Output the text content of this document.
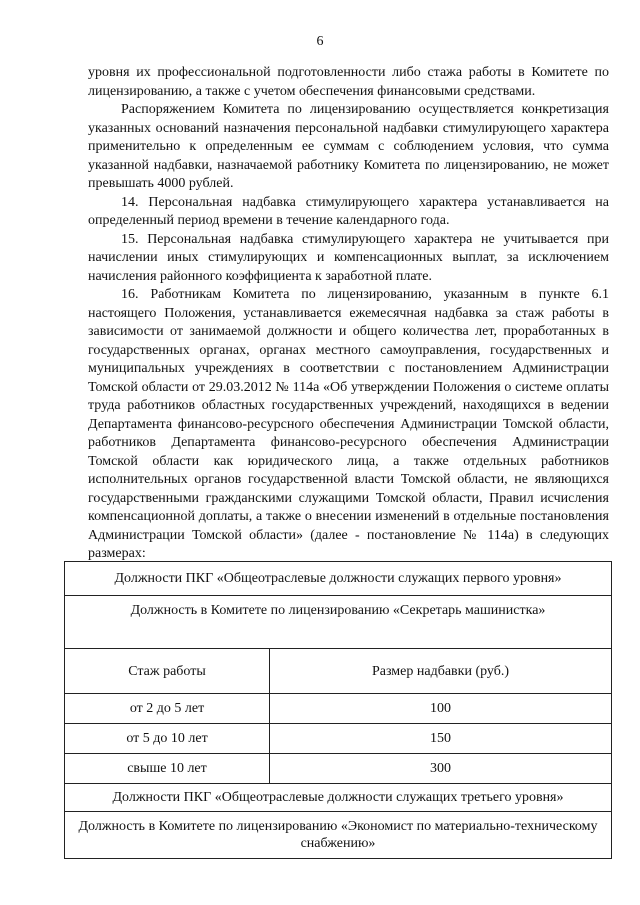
6

уровня их профессиональной подготовленности либо стажа работы в Комитете по лицензированию, а также с учетом обеспечения финансовыми средствами.

Распоряжением Комитета по лицензированию осуществляется конкретизация указанных оснований назначения персональной надбавки стимулирующего характера применительно к определенным ее суммам с соблюдением условия, что сумма указанной надбавки, назначаемой работнику Комитета по лицензированию, не может превышать 4000 рублей.

14. Персональная надбавка стимулирующего характера устанавливается на определенный период времени в течение календарного года.

15. Персональная надбавка стимулирующего характера не учитывается при начислении иных стимулирующих и компенсационных выплат, за исключением начисления районного коэффициента к заработной плате.

16. Работникам Комитета по лицензированию, указанным в пункте 6.1 настоящего Положения, устанавливается ежемесячная надбавка за стаж работы в зависимости от занимаемой должности и общего количества лет, проработанных в государственных органах, органах местного самоуправления, государственных и муниципальных учреждениях в соответствии с постановлением Администрации Томской области от 29.03.2012 № 114а «Об утверждении Положения о системе оплаты труда работников областных государственных учреждений, находящихся в ведении Департамента финансово-ресурсного обеспечения Администрации Томской области, работников Департамента финансово-ресурсного обеспечения Администрации Томской области как юридического лица, а также отдельных работников исполнительных органов государственной власти Томской области, не являющихся государственными гражданскими служащими Томской области, Правил исчисления компенсационной доплаты, а также о внесении изменений в отдельные постановления Администрации Томской области» (далее - постановление № 114а) в следующих размерах:

Должности ПКГ «Общеотраслевые должности служащих первого уровня»	
Должность в Комитете по лицензированию «Секретарь машинистка»	
Стаж работы	Размер надбавки (руб.)
от 2 до 5 лет	100
от 5 до 10 лет	150
свыше 10 лет	300
Должности ПКГ «Общеотраслевые должности служащих третьего уровня»	
Должность в Комитете по лицензированию «Экономист по материально-техническому снабжению»	
